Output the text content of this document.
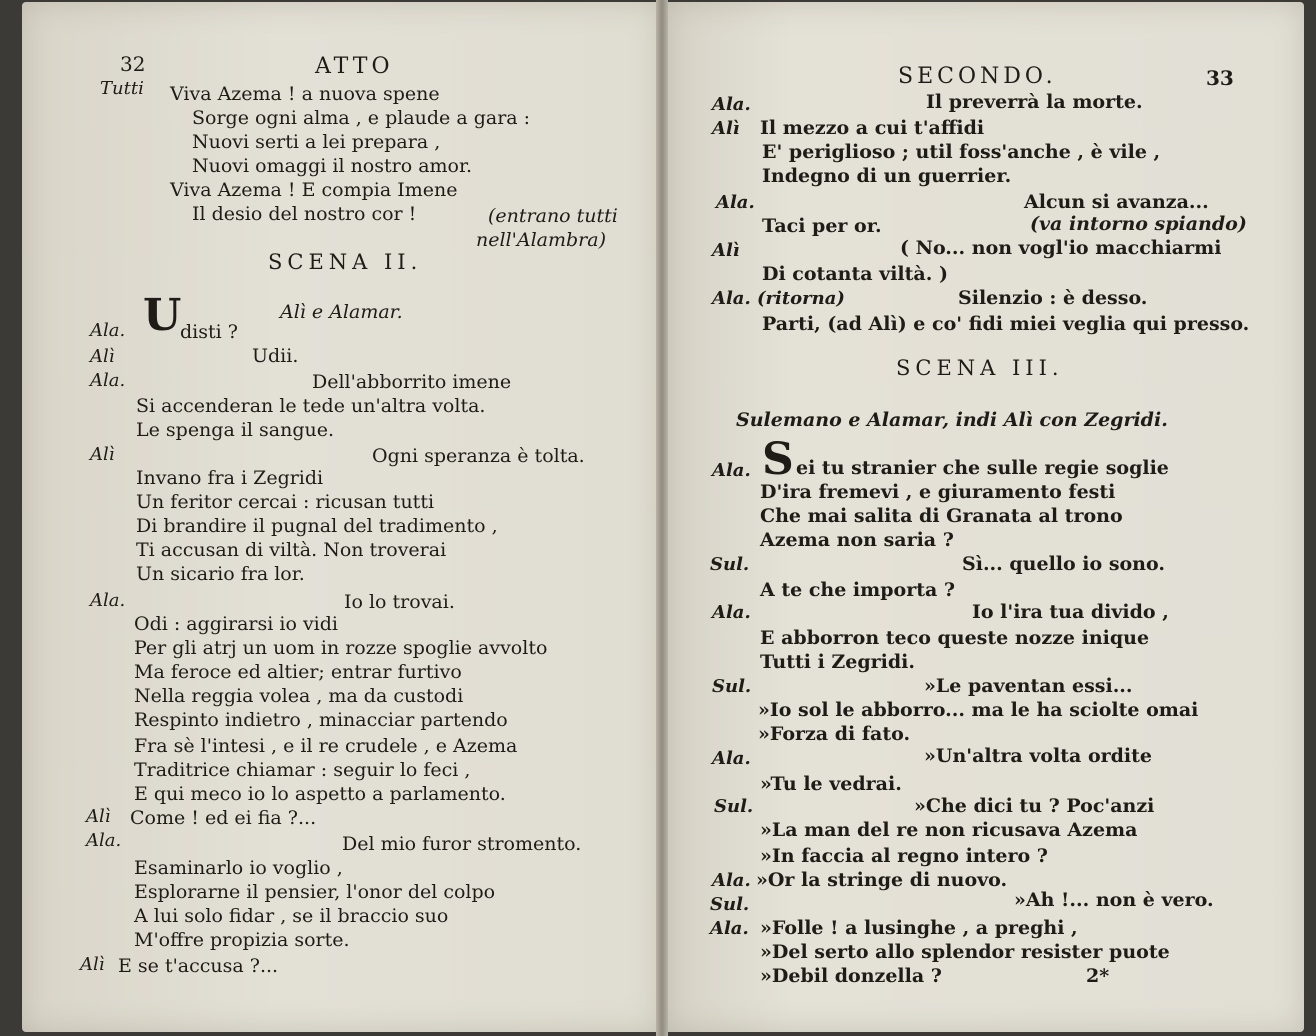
32	ATTO
Tutti Viva Azema ! a nuova spene
Sorge ogni alma , e plaude a gara :
Nuovi serti a lei prepara ,
Nuovi omaggi il nostro amor.
Viva Azema ! E compia Imene
Il desio del nostro cor !	(entrano tutti
nell'Alambra)
SCENA II.
Alì e Alamar.
Ala. U
disti ?
Alì	Udii.
Ala.	Dell'abborrito imene
Si accenderan le tede un'altra volta.
Le spenga il sangue.
Alì	Ogni speranza è tolta.
Invano fra i Zegridi
Un feritor cercai : ricusan tutti
Di brandire il pugnal del tradimento ,
Ti accusan di viltà. Non troverai
Un sicario fra lor.
Ala.	Io lo trovai.
Odi : aggirarsi io vidi
Per gli atrj un uom in rozze spoglie avvolto
Ma feroce ed altier; entrar furtivo
Nella reggia volea , ma da custodi
Respinto indietro , minacciar partendo
Fra sè l'intesi , e il re crudele , e Azema
Traditrice chiamar : seguir lo feci ,
E qui meco io lo aspetto a parlamento.
Alì Come ! ed ei fia ?...
Ala.	Del mio furor stromento.
Esaminarlo io voglio ,
Esplorarne il pensier, l'onor del colpo
A lui solo fidar , se il braccio suo
M'offre propizia sorte.
Alì E se t'accusa ?...
SECONDO.	33
Ala.	Il preverrà la morte.
Alì Il mezzo a cui t'affidi
E' periglioso ; util foss'anche , è vile ,
Indegno di un guerrier.
Ala.	Alcun si avanza...
Taci per or.	(va intorno spiando)
Alì	( No... non vogl'io macchiarmi
Di cotanta viltà. )
Ala. (ritorna)	Silenzio : è desso.
Parti, (ad Alì) e co' fidi miei veglia qui presso.
SCENA III.
Sulemano e Alamar, indi Alì con Zegridi.
Ala. S ei tu stranier che sulle regie soglie
D'ira fremevi , e giuramento festi
Che mai salita di Granata al trono
Azema non saria ?
Sul.	Sì... quello io sono.
A te che importa ?
Ala.	Io l'ira tua divido ,
E abborron teco queste nozze inique
Tutti i Zegridi.
Sul.	»Le paventan essi...
»Io sol le abborro... ma le ha sciolte omai
»Forza di fato.
Ala.	»Un'altra volta ordite
»Tu le vedrai.
Sul.	»Che dici tu ? Poc'anzi
»La man del re non ricusava Azema
»In faccia al regno intero ?
Ala. »Or la stringe di nuovo.
Sul.	»Ah !... non è vero.
Ala. »Folle ! a lusinghe , a preghi ,
»Del serto allo splendor resister puote
»Debil donzella ?	2*
